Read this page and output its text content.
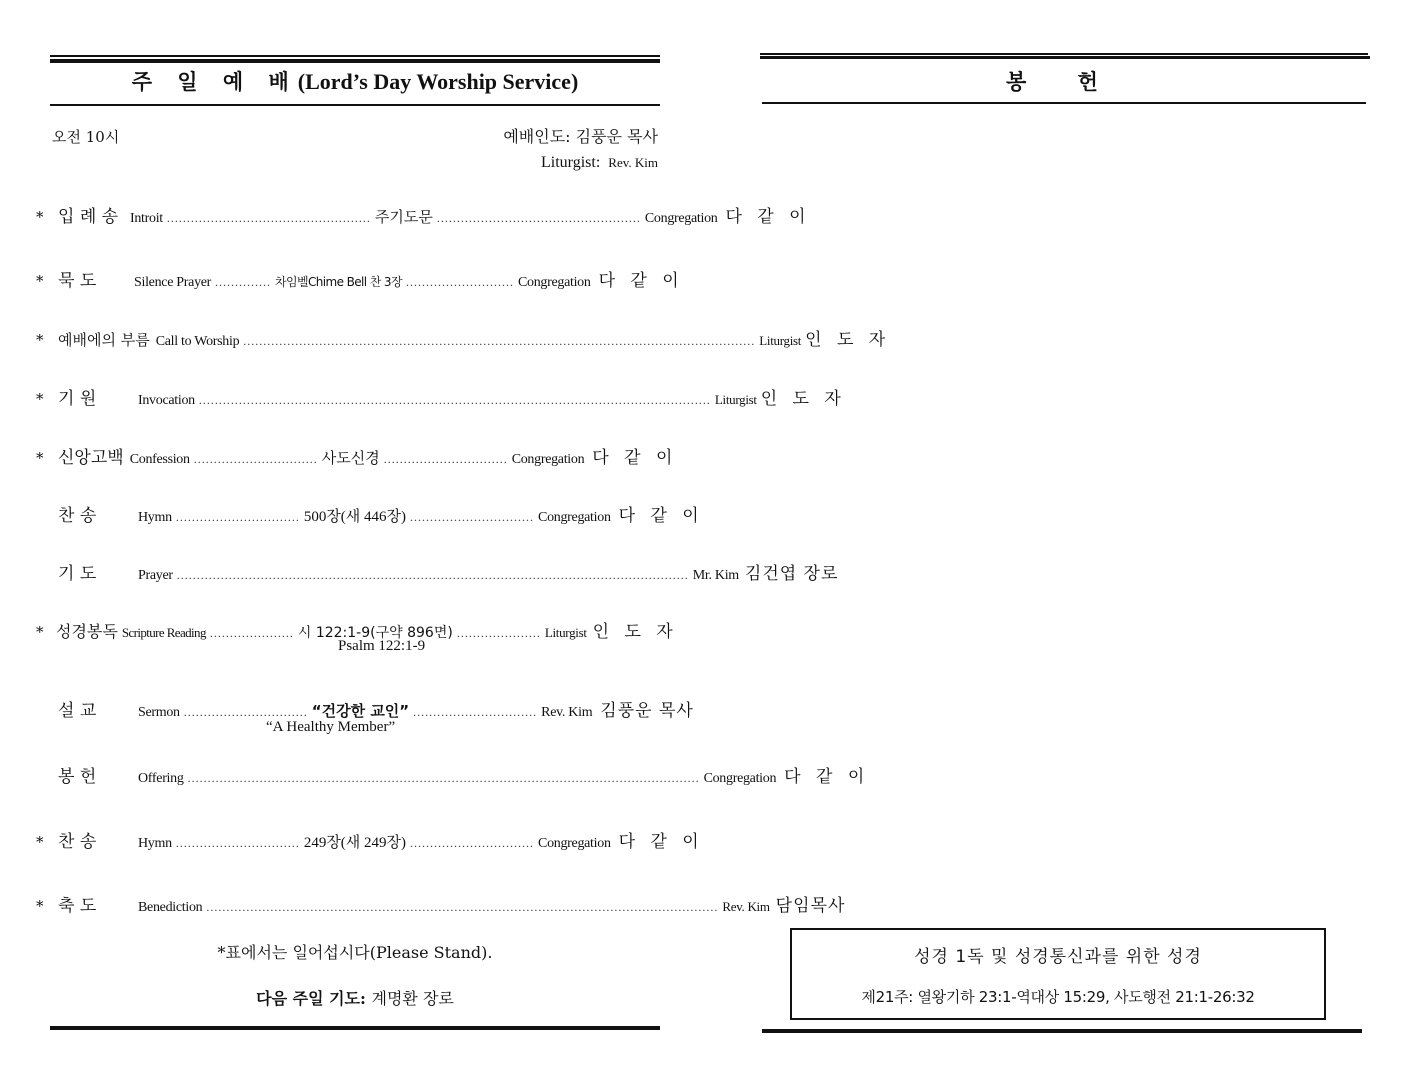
주 일 예 배(Lord’s Day Worship Service)
오전 10시	예배인도: 김풍운 목사
Liturgist: Rev. Kim
* 입 례 송 Introit ................................................... 주기도문 ................................................... Congregation 다 같 이
* 묵 도	Silence Prayer .............. 차임벨Chime Bell 찬 3장 ........................... Congregation 다 같 이
* 예배에의 부름 Call to Worship ................................................................................................................................ Liturgist 인 도 자
* 기 원	Invocation ................................................................................................................................ Liturgist 인 도 자
* 신앙고백 Confession ............................... 사도신경 ............................... Congregation 다 같 이
찬 송	Hymn ............................... 500장(새 446장) ............................... Congregation 다 같 이
기 도	Prayer ................................................................................................................................ Mr. Kim 김건엽 장로
* 성경봉독 Scripture Reading ..................... 시 122:1-9(구약 896면) ..................... Liturgist 인 도 자
Psalm 122:1-9
설 교	Sermon ............................... “건강한 교인” ............................... Rev. Kim 김풍운 목사
“A Healthy Member”
봉 헌	Offering ................................................................................................................................ Congregation 다 같 이
* 찬 송	Hymn ............................... 249장(새 249장) ............................... Congregation 다 같 이
* 축 도	Benediction ................................................................................................................................ Rev. Kim 담임목사
*표에서는 일어섭시다(Please Stand).
다음 주일 기도: 계명환 장로
봉 헌
성경 1독 및 성경통신과를 위한 성경
제21주: 열왕기하 23:1-역대상 15:29, 사도행전 21:1-26:32
